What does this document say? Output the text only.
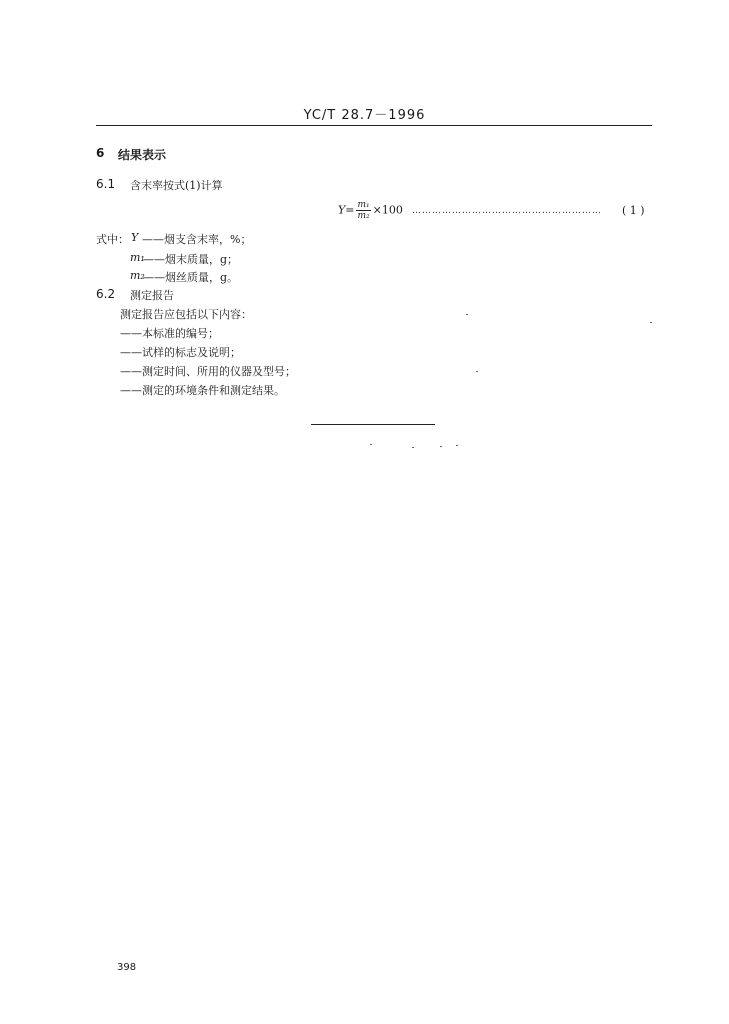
YC/T 28.7－1996
6 结果表示
6.1 含末率按式(1)计算
$Y= \frac{\text{m₁}}{\text{m₂}} \times 100$ …………………………………………………	( 1 )
式中： Y ——烟支含末率，%；
m₁
——烟末质量，g；
m₂
——烟丝质量，g。
6.2 测定报告
测定报告应包括以下内容：
——本标准的编号；
——试样的标志及说明；
——测定时间、所用的仪器及型号；
——测定的环境条件和测定结果。
398
